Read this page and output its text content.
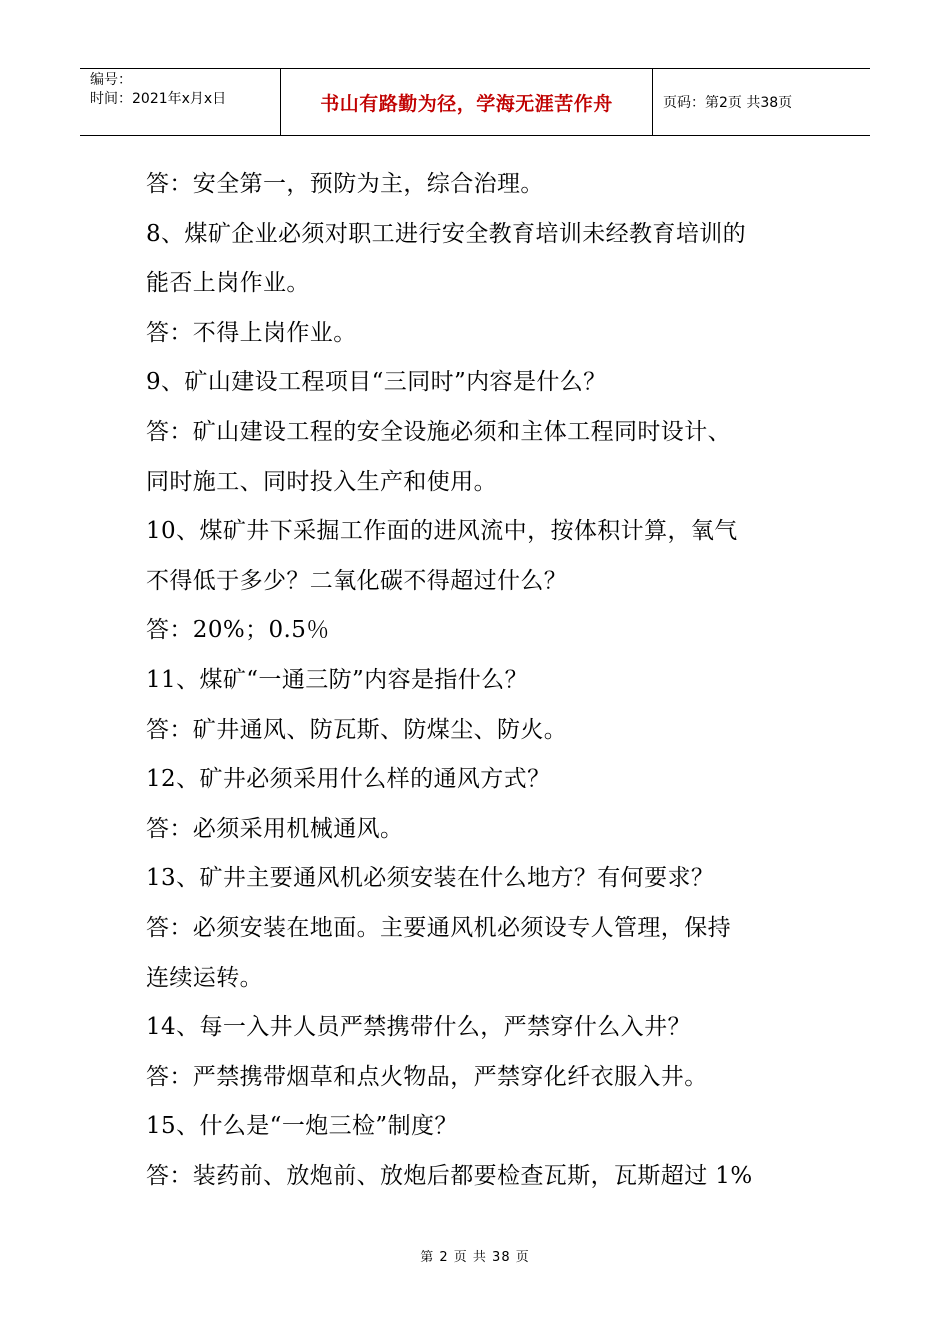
编号：
时间：2021年x月x日	书山有路勤为径，学海无涯苦作舟	页码：第2页 共38页

答：安全第一，预防为主，综合治理。

8、煤矿企业必须对职工进行安全教育培训未经教育培训的

能否上岗作业。

答：不得上岗作业。

9、矿山建设工程项目“三同时”内容是什么？

答：矿山建设工程的安全设施必须和主体工程同时设计、

同时施工、同时投入生产和使用。

10、煤矿井下采掘工作面的进风流中，按体积计算，氧气

不得低于多少？二氧化碳不得超过什么？

答：20%；0.5％

11、煤矿“一通三防”内容是指什么？

答：矿井通风、防瓦斯、防煤尘、防火。

12、矿井必须采用什么样的通风方式？

答：必须采用机械通风。

13、矿井主要通风机必须安装在什么地方？有何要求？

答：必须安装在地面。主要通风机必须设专人管理，保持

连续运转。

14、每一入井人员严禁携带什么，严禁穿什么入井？

答：严禁携带烟草和点火物品，严禁穿化纤衣服入井。

15、什么是“一炮三检”制度？

答：装药前、放炮前、放炮后都要检查瓦斯，瓦斯超过 1%

第 2 页 共 38 页
